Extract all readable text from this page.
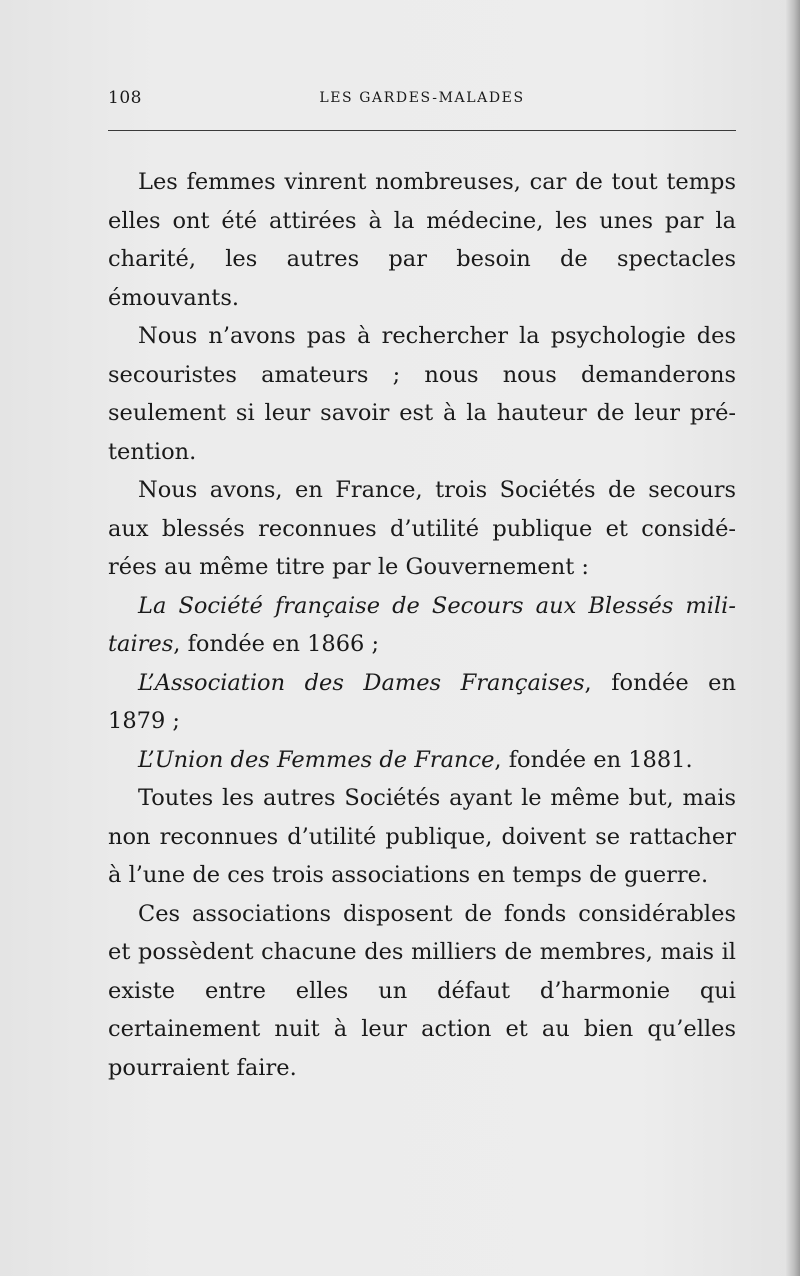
108	LES GARDES-MALADES

Les femmes vinrent nombreuses, car de tout temps elles ont été attirées à la médecine, les unes par la charité, les autres par besoin de spectacles émouvants.

Nous n’avons pas à rechercher la psychologie des secouristes amateurs ; nous nous demanderons seulement si leur savoir est à la hauteur de leur prétention.

Nous avons, en France, trois Sociétés de secours aux blessés reconnues d’utilité publique et considérées au même titre par le Gouvernement :

La Société française de Secours aux Blessés militaires, fondée en 1866 ;

L’Association des Dames Françaises, fondée en 1879 ;

L’Union des Femmes de France, fondée en 1881.

Toutes les autres Sociétés ayant le même but, mais non reconnues d’utilité publique, doivent se rattacher à l’une de ces trois associations en temps de guerre.

Ces associations disposent de fonds considérables et possèdent chacune des milliers de membres, mais il existe entre elles un défaut d’harmonie qui certainement nuit à leur action et au bien qu’elles pourraient faire.
